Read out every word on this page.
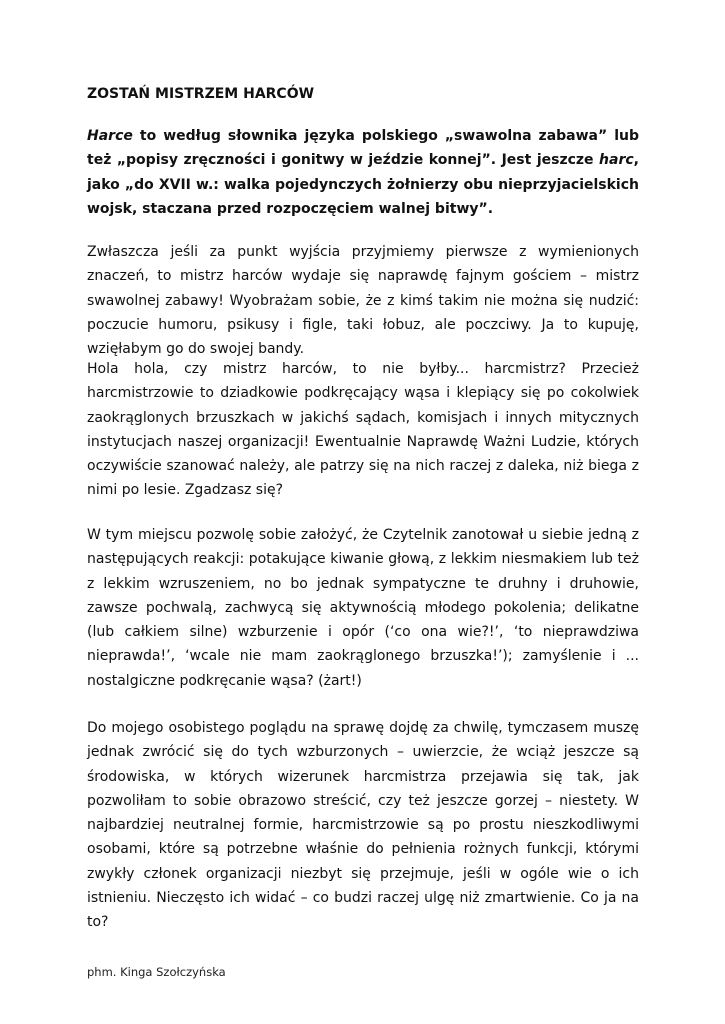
ZOSTAŃ MISTRZEM HARCÓW

Harce to według słownika języka polskiego „swawolna zabawa” lub też „popisy zręczności i gonitwy w jeździe konnej”. Jest jeszcze harc, jako „do XVII w.: walka pojedynczych żołnierzy obu nieprzyjacielskich wojsk, staczana przed rozpoczęciem walnej bitwy”.

Zwłaszcza jeśli za punkt wyjścia przyjmiemy pierwsze z wymienionych znaczeń, to mistrz harców wydaje się naprawdę fajnym gościem – mistrz swawolnej zabawy! Wyobrażam sobie, że z kimś takim nie można się nudzić: poczucie humoru, psikusy i figle, taki łobuz, ale poczciwy. Ja to kupuję, wzięłabym go do swojej bandy.

Hola hola, czy mistrz harców, to nie byłby... harcmistrz? Przecież harcmistrzowie to dziadkowie podkręcający wąsa i klepiący się po cokolwiek zaokrąglonych brzuszkach w jakichś sądach, komisjach i innych mitycznych instytucjach naszej organizacji! Ewentualnie Naprawdę Ważni Ludzie, których oczywiście szanować należy, ale patrzy się na nich raczej z daleka, niż biega z nimi po lesie. Zgadzasz się?

W tym miejscu pozwolę sobie założyć, że Czytelnik zanotował u siebie jedną z następujących reakcji: potakujące kiwanie głową, z lekkim niesmakiem lub też z lekkim wzruszeniem, no bo jednak sympatyczne te druhny i druhowie, zawsze pochwalą, zachwycą się aktywnością młodego pokolenia; delikatne (lub całkiem silne) wzburzenie i opór (‘co ona wie?!’, ‘to nieprawdziwa nieprawda!’, ‘wcale nie mam zaokrąglonego brzuszka!’); zamyślenie i ... nostalgiczne podkręcanie wąsa? (żart!)

Do mojego osobistego poglądu na sprawę dojdę za chwilę, tymczasem muszę jednak zwrócić się do tych wzburzonych – uwierzcie, że wciąż jeszcze są środowiska, w których wizerunek harcmistrza przejawia się tak, jak pozwoliłam to sobie obrazowo streścić, czy też jeszcze gorzej – niestety. W najbardziej neutralnej formie, harcmistrzowie są po prostu nieszkodliwymi osobami, które są potrzebne właśnie do pełnienia rożnych funkcji, którymi zwykły członek organizacji niezbyt się przejmuje, jeśli w ogóle wie o ich istnieniu. Nieczęsto ich widać – co budzi raczej ulgę niż zmartwienie. Co ja na to?

phm. Kinga Szołczyńska
